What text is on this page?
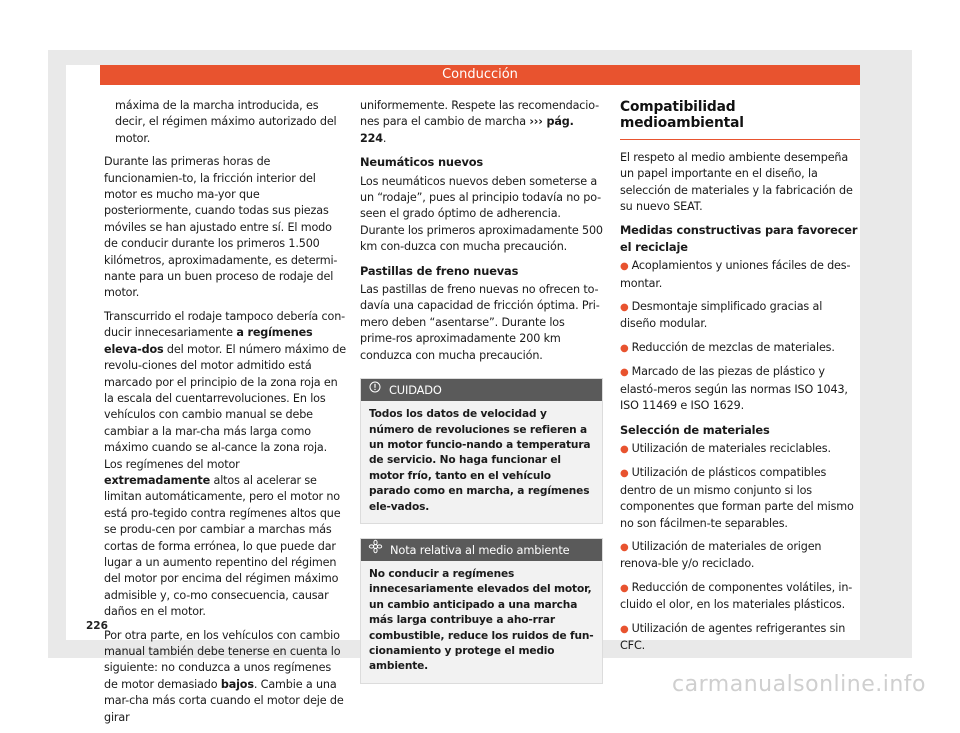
Conducción

máxima de la marcha introducida, es decir, el régimen máximo autorizado del motor.

Durante las primeras horas de funcionamien-to, la fricción interior del motor es mucho ma-yor que posteriormente, cuando todas sus piezas móviles se han ajustado entre sí. El modo de conducir durante los primeros 1.500 kilómetros, aproximadamente, es determi-nante para un buen proceso de rodaje del motor.

Transcurrido el rodaje tampoco debería con-ducir innecesariamente a regímenes eleva-dos del motor. El número máximo de revolu-ciones del motor admitido está marcado por el principio de la zona roja en la escala del cuentarrevoluciones. En los vehículos con cambio manual se debe cambiar a la mar-cha más larga como máximo cuando se al-cance la zona roja. Los regímenes del motor extremadamente altos al acelerar se limitan automáticamente, pero el motor no está pro-tegido contra regímenes altos que se produ-cen por cambiar a marchas más cortas de forma errónea, lo que puede dar lugar a un aumento repentino del régimen del motor por encima del régimen máximo admisible y, co-mo consecuencia, causar daños en el motor.

Por otra parte, en los vehículos con cambio manual también debe tenerse en cuenta lo siguiente: no conduzca a unos regímenes de motor demasiado bajos. Cambie a una mar-cha más corta cuando el motor deje de girar

uniformemente. Respete las recomendacio-nes para el cambio de marcha ››› pág. 224.

Neumáticos nuevos

Los neumáticos nuevos deben someterse a un “rodaje”, pues al principio todavía no po-seen el grado óptimo de adherencia. Durante los primeros aproximadamente 500 km con-duzca con mucha precaución.

Pastillas de freno nuevas

Las pastillas de freno nuevas no ofrecen to-davía una capacidad de fricción óptima. Pri-mero deben “asentarse”. Durante los prime-ros aproximadamente 200 km conduzca con mucha precaución.

CUIDADO
Todos los datos de velocidad y número de revoluciones se refieren a un motor funcio-nando a temperatura de servicio. No haga funcionar el motor frío, tanto en el vehículo parado como en marcha, a regímenes ele-vados.
Nota relativa al medio ambiente
No conducir a regímenes innecesariamente elevados del motor, un cambio anticipado a una marcha más larga contribuye a aho-rrar combustible, reduce los ruidos de fun-cionamiento y protege el medio ambiente.
Compatibilidad medioambiental

El respeto al medio ambiente desempeña un papel importante en el diseño, la selección de materiales y la fabricación de su nuevo SEAT.

Medidas constructivas para favorecer el reciclaje

● Acoplamientos y uniones fáciles de des-montar.

● Desmontaje simplificado gracias al diseño modular.

● Reducción de mezclas de materiales.

● Marcado de las piezas de plástico y elastó-meros según las normas ISO 1043, ISO 11469 e ISO 1629.

Selección de materiales

● Utilización de materiales reciclables.

● Utilización de plásticos compatibles dentro de un mismo conjunto si los componentes que forman parte del mismo no son fácilmen-te separables.

● Utilización de materiales de origen renova-ble y/o reciclado.

● Reducción de componentes volátiles, in-cluido el olor, en los materiales plásticos.

● Utilización de agentes refrigerantes sin CFC.

226
carmanualsonline.info
